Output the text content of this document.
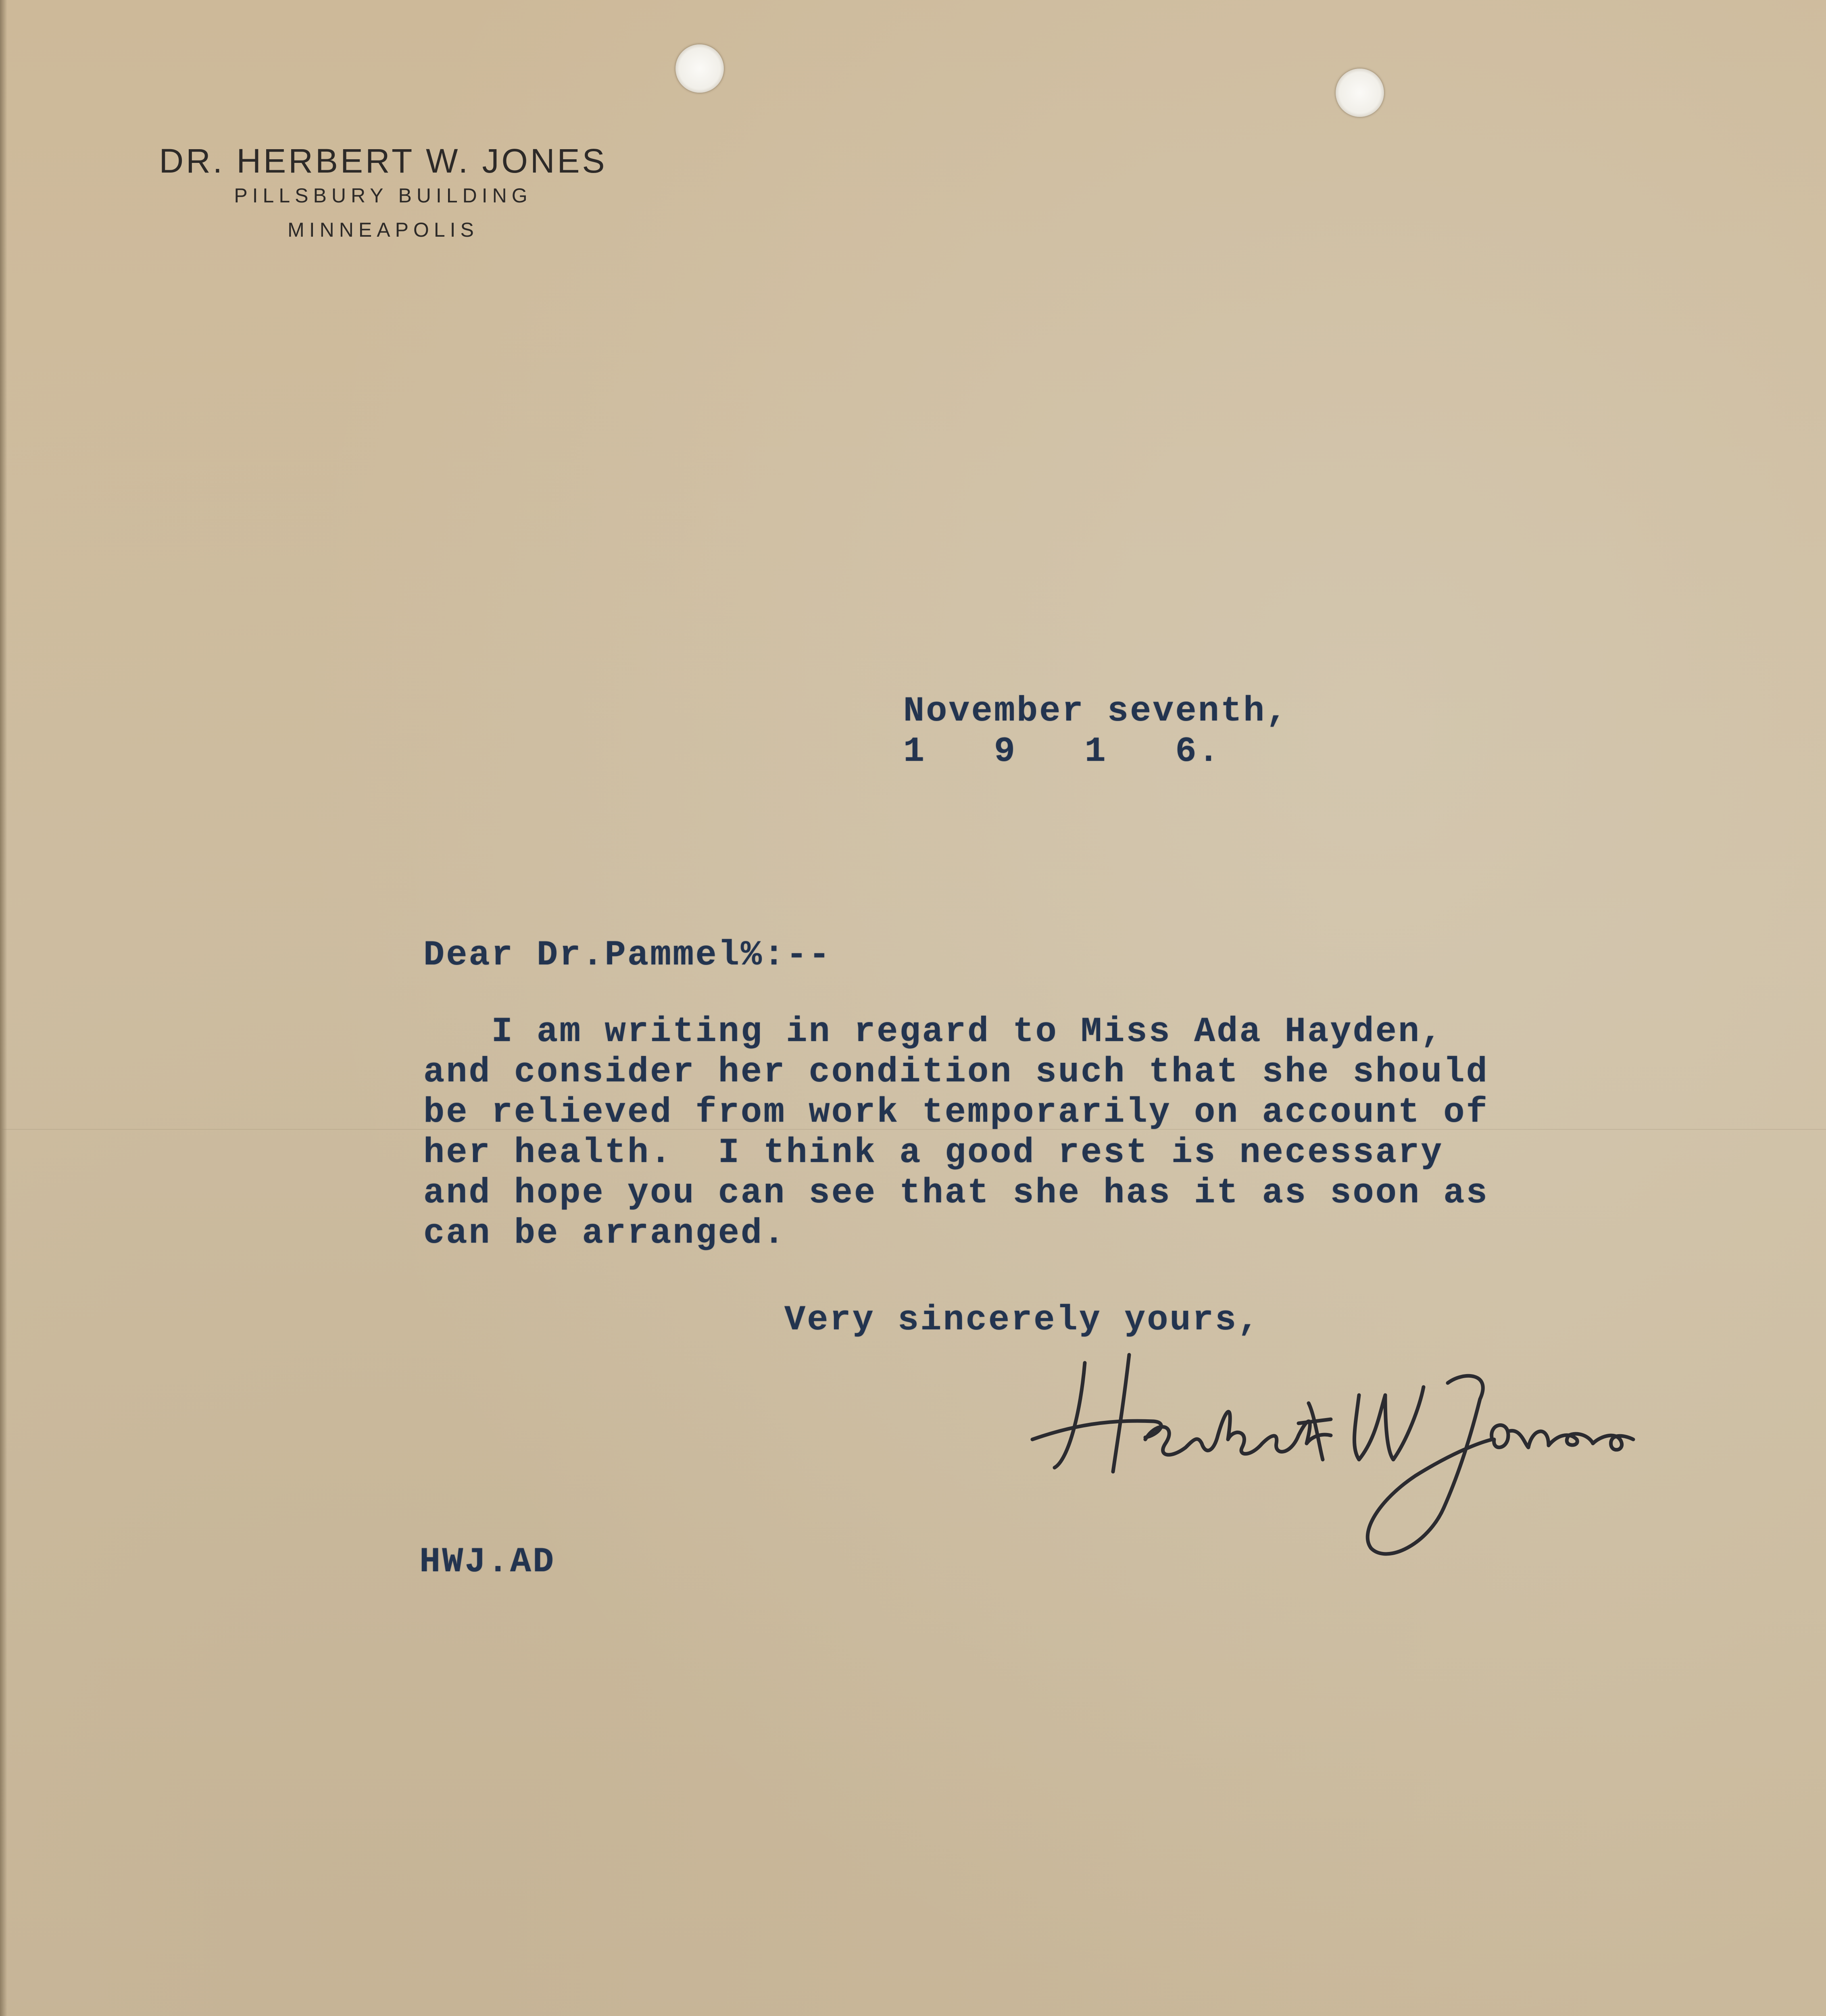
DR. HERBERT W. JONES
PILLSBURY BUILDING
MINNEAPOLIS
November seventh,
1   9   1   6.
Dear Dr.Pammel%:--
I am writing in regard to Miss Ada Hayden,
and consider her condition such that she should
be relieved from work temporarily on account of
her health.  I think a good rest is necessary
and hope you can see that she has it as soon as
can be arranged.
Very sincerely yours,
HWJ.AD
